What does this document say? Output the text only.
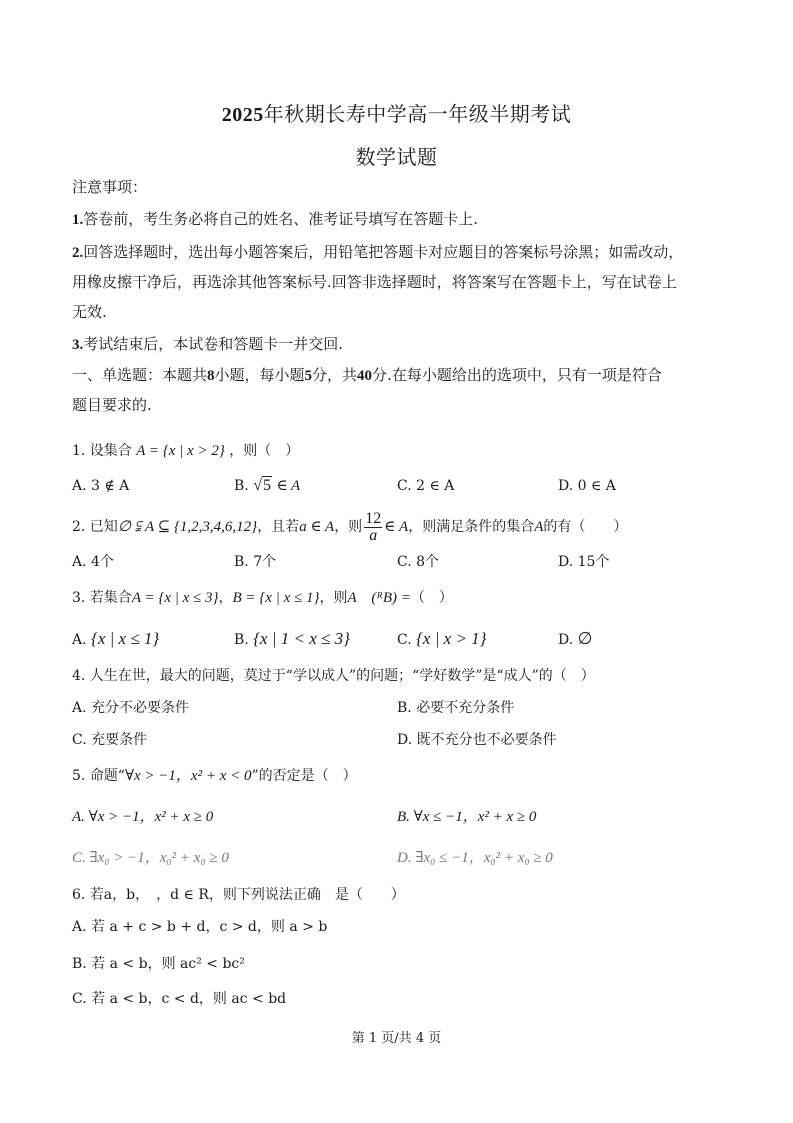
2025年秋期长寿中学高一年级半期考试
数学试题
注意事项：
1.答卷前，考生务必将自己的姓名、准考证号填写在答题卡上.
2.回答选择题时，选出每小题答案后，用铅笔把答题卡对应题目的答案标号涂黑；如需改动，
用橡皮擦干净后，再选涂其他答案标号.回答非选择题时，将答案写在答题卡上，写在试卷上
无效.
3.考试结束后，本试卷和答题卡一并交回.
一、单选题：本题共8小题，每小题5分，共40分.在每小题给出的选项中，只有一项是符合
题目要求的.
1. 设集合 A = {x | x > 2} ，则（　）
A. 3 ∉ A	B. √5 ∈ A	C. 2 ∈ A	D. 0 ∈ A
2. 已知∅ ⫋ A ⊆ {1,2,3,4,6,12}，且若a ∈ A，则 $\frac{12}{a}$ ∈ A，则满足条件的集合A的有（　　）
A. 4个	B. 7个	C. 8个	D. 15个
3. 若集合A = {x | x ≤ 3}，B = {x | x ≤ 1}，则A　(ᴿB) =（　）
A. {x | x ≤ 1}	B. {x | 1 < x ≤ 3}	C. {x | x > 1}	D. ∅
4. 人生在世，最大的问题，莫过于“学以成人”的问题；“学好数学”是“成人”的（　）
A. 充分不必要条件	B. 必要不充分条件
C. 充要条件	D. 既不充分也不必要条件
5. 命题“∀x > −1，x² + x < 0”的否定是（　）
A. ∀x > −1，x² + x ≥ 0	B. ∀x ≤ −1，x² + x ≥ 0
C. ∃x₀ > −1，x₀² + x₀ ≥ 0	D. ∃x₀ ≤ −1，x₀² + x₀ ≥ 0
6. 若a，b，　，d ∈ R，则下列说法正确　是（　　）
A. 若 a + c > b + d，c > d，则 a > b
B. 若 a < b，则 ac² < bc²
C. 若 a < b，c < d，则 ac < bd
第 1 页/共 4 页
